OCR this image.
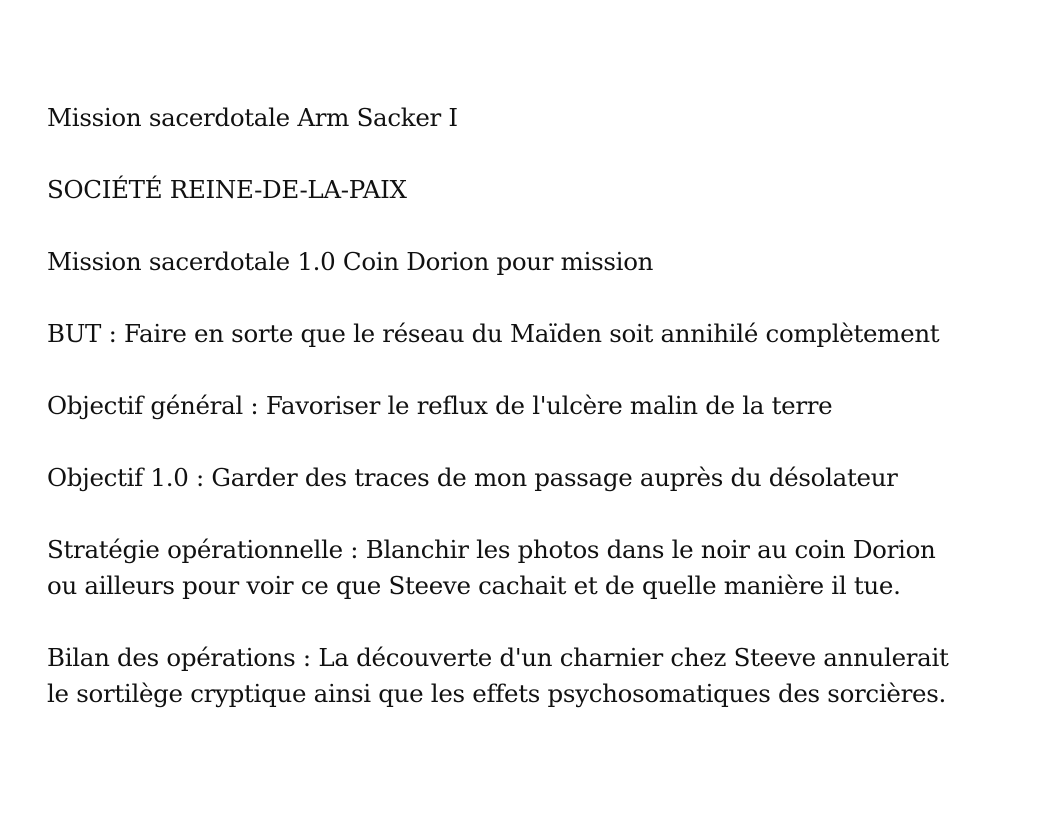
Mission sacerdotale Arm Sacker I

SOCIÉTÉ REINE-DE-LA-PAIX

Mission sacerdotale 1.0 Coin Dorion pour mission

BUT : Faire en sorte que le réseau du Maïden soit annihilé complètement

Objectif général : Favoriser le reflux de l'ulcère malin de la terre

Objectif 1.0 : Garder des traces de mon passage auprès du désolateur

Stratégie opérationnelle : Blanchir les photos dans le noir au coin Dorion
ou ailleurs pour voir ce que Steeve cachait et de quelle manière il tue.

Bilan des opérations : La découverte d'un charnier chez Steeve annulerait
le sortilège cryptique ainsi que les effets psychosomatiques des sorcières.
